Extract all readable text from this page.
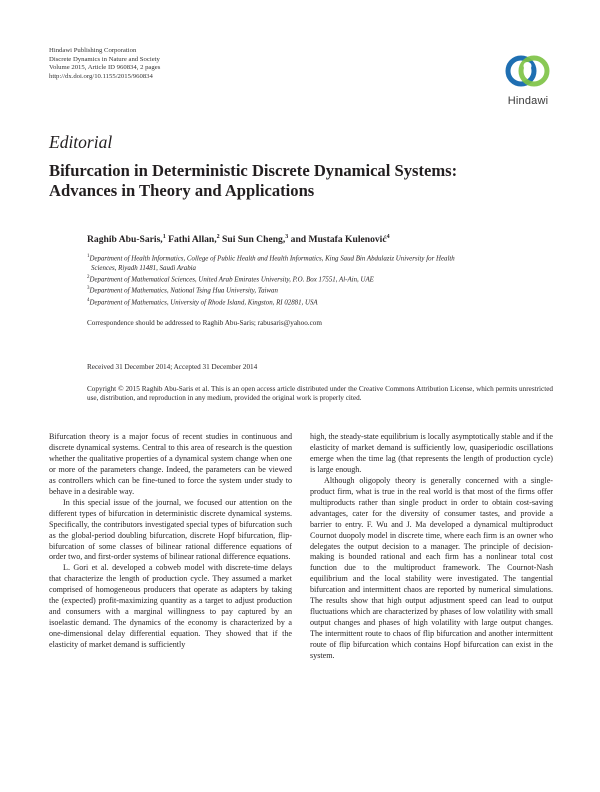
Hindawi Publishing Corporation
Discrete Dynamics in Nature and Society
Volume 2015, Article ID 960834, 2 pages
http://dx.doi.org/10.1155/2015/960834
Hindawi
Editorial
Bifurcation in Deterministic Discrete Dynamical Systems:
Advances in Theory and Applications
Raghib Abu-Saris,$^1$ Fathi Allan,$^2$ Sui Sun Cheng,$^3$ and Mustafa Kulenović$^4$

$^1$Department of Health Informatics, College of Public Health and Health Informatics, King Saud Bin Abdulaziz University for Health
Sciences, Riyadh 11481, Saudi Arabia

$^2$Department of Mathematical Sciences, United Arab Emirates University, P.O. Box 17551, Al-Ain, UAE

$^3$Department of Mathematics, National Tsing Hua University, Taiwan

$^4$Department of Mathematics, University of Rhode Island, Kingston, RI 02881, USA

Correspondence should be addressed to Raghib Abu-Saris; rabusaris@yahoo.com
Received 31 December 2014; Accepted 31 December 2014
Copyright © 2015 Raghib Abu-Saris et al. This is an open access article distributed under the Creative Commons Attribution License, which permits unrestricted use, distribution, and reproduction in any medium, provided the original work is properly cited.

Bifurcation theory is a major focus of recent studies in continuous and discrete dynamical systems. Central to this area of research is the question whether the qualitative properties of a dynamical system change when one or more of the parameters change. Indeed, the parameters can be viewed as controllers which can be fine-tuned to force the system under study to behave in a desirable way.

In this special issue of the journal, we focused our attention on the different types of bifurcation in deterministic discrete dynamical systems. Specifically, the contributors investigated special types of bifurcation such as the global-period doubling bifurcation, discrete Hopf bifurcation, flip-bifurcation of some classes of bilinear rational difference equations of order two, and first-order systems of bilinear rational difference equations.

L. Gori et al. developed a cobweb model with discrete-time delays that characterize the length of production cycle. They assumed a market comprised of homogeneous producers that operate as adapters by taking the (expected) profit-maximizing quantity as a target to adjust production and consumers with a marginal willingness to pay captured by an isoelastic demand. The dynamics of the economy is characterized by a one-dimensional delay differential equation. They showed that if the elasticity of market demand is sufficiently

high, the steady-state equilibrium is locally asymptotically stable and if the elasticity of market demand is sufficiently low, quasiperiodic oscillations emerge when the time lag (that represents the length of production cycle) is large enough.

Although oligopoly theory is generally concerned with a single-product firm, what is true in the real world is that most of the firms offer multiproducts rather than single product in order to obtain cost-saving advantages, cater for the diversity of consumer tastes, and provide a barrier to entry. F. Wu and J. Ma developed a dynamical multiproduct Cournot duopoly model in discrete time, where each firm is an owner who delegates the output decision to a manager. The principle of decision-making is bounded rational and each firm has a nonlinear total cost function due to the multiproduct framework. The Cournot-Nash equilibrium and the local stability were investigated. The tangential bifurcation and intermittent chaos are reported by numerical simulations. The results show that high output adjustment speed can lead to output fluctuations which are characterized by phases of low volatility with small output changes and phases of high volatility with large output changes. The intermittent route to chaos of flip bifurcation and another intermittent route of flip bifurcation which contains Hopf bifurcation can exist in the system.
